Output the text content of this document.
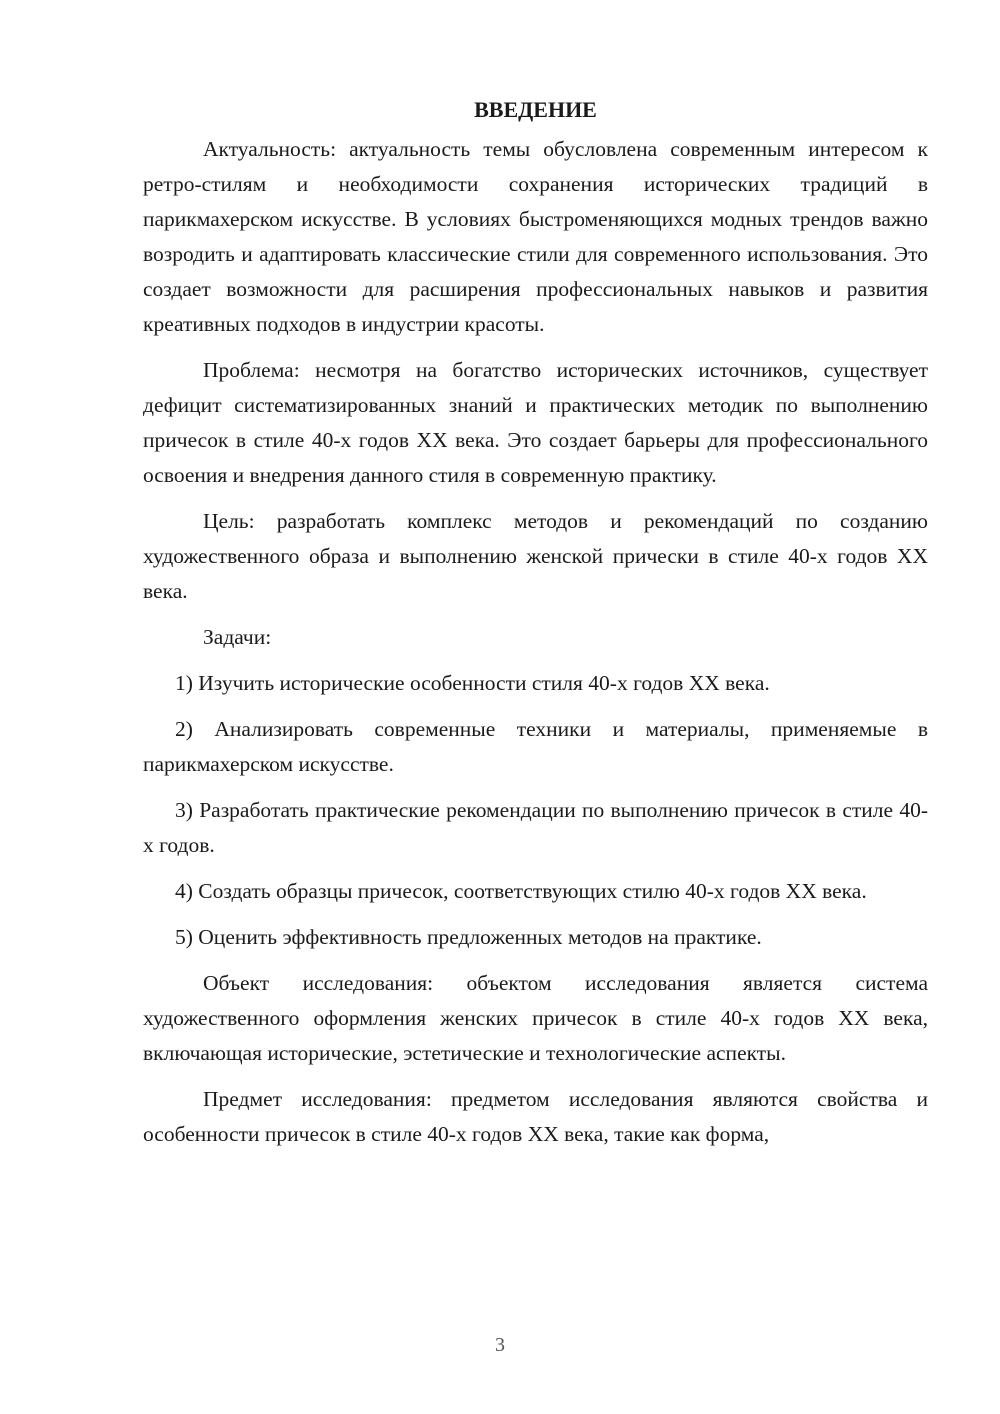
ВВЕДЕНИЕ

Актуальность: актуальность темы обусловлена современным интересом к ретро-стилям и необходимости сохранения исторических традиций в парикмахерском искусстве. В условиях быстроменяющихся модных трендов важно возродить и адаптировать классические стили для современного использования. Это создает возможности для расширения профессиональных навыков и развития креативных подходов в индустрии красоты.

Проблема: несмотря на богатство исторических источников, существует дефицит систематизированных знаний и практических методик по выполнению причесок в стиле 40-х годов XX века. Это создает барьеры для профессионального освоения и внедрения данного стиля в современную практику.

Цель: разработать комплекс методов и рекомендаций по созданию художественного образа и выполнению женской прически в стиле 40-х годов XX века.

Задачи:

1) Изучить исторические особенности стиля 40-х годов XX века.

2) Анализировать современные техники и материалы, применяемые в парикмахерском искусстве.

3) Разработать практические рекомендации по выполнению причесок в стиле 40-х годов.

4) Создать образцы причесок, соответствующих стилю 40-х годов XX века.

5) Оценить эффективность предложенных методов на практике.

Объект исследования: объектом исследования является система художественного оформления женских причесок в стиле 40-х годов XX века, включающая исторические, эстетические и технологические аспекты.

Предмет исследования: предметом исследования являются свойства и особенности причесок в стиле 40-х годов XX века, такие как форма,

3
